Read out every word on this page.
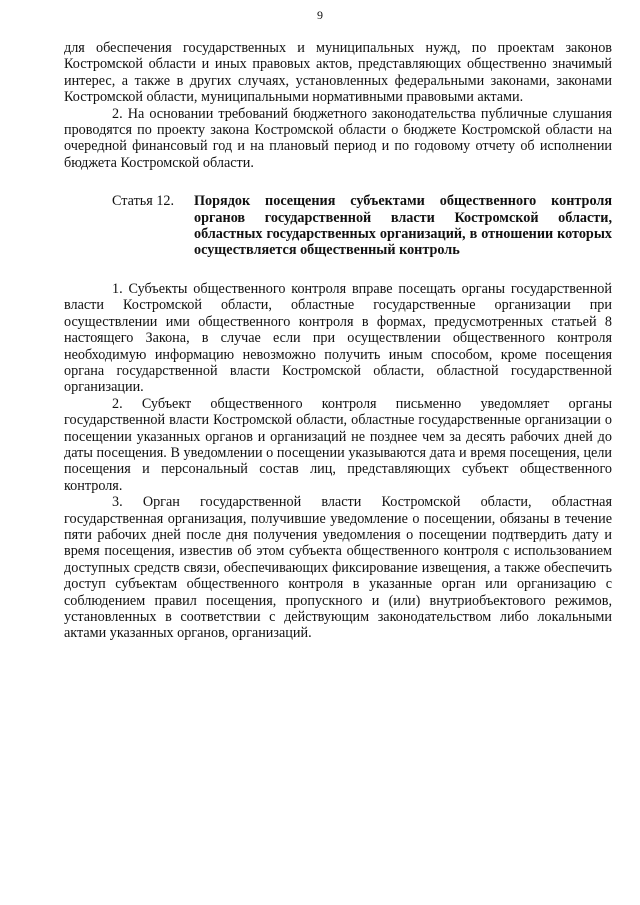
9

для обеспечения государственных и муниципальных нужд, по проектам законов Костромской области и иных правовых актов, представляющих общественно значимый интерес, а также в других случаях, установленных федеральными законами, законами Костромской области, муниципальными нормативными правовыми актами.

2. На основании требований бюджетного законодательства публичные слушания проводятся по проекту закона Костромской области о бюджете Костромской области на очередной финансовый год и на плановый период и по годовому отчету об исполнении бюджета Костромской области.

Статья 12.	Порядок посещения субъектами общественного контроля органов государственной власти Костромской области, областных государственных организаций, в отношении которых осуществляется общественный контроль

1. Субъекты общественного контроля вправе посещать органы государственной власти Костромской области, областные государственные организации при осуществлении ими общественного контроля в формах, предусмотренных статьей 8 настоящего Закона, в случае если при осуществлении общественного контроля необходимую информацию невозможно получить иным способом, кроме посещения органа государственной власти Костромской области, областной государственной организации.

2. Субъект общественного контроля письменно уведомляет органы государственной власти Костромской области, областные государственные организации о посещении указанных органов и организаций не позднее чем за десять рабочих дней до даты посещения. В уведомлении о посещении указываются дата и время посещения, цели посещения и персональный состав лиц, представляющих субъект общественного контроля.

3. Орган государственной власти Костромской области, областная государственная организация, получившие уведомление о посещении, обязаны в течение пяти рабочих дней после дня получения уведомления о посещении подтвердить дату и время посещения, известив об этом субъекта общественного контроля с использованием доступных средств связи, обеспечивающих фиксирование извещения, а также обеспечить доступ субъектам общественного контроля в указанные орган или организацию с соблюдением правил посещения, пропускного и (или) внутриобъектового режимов, установленных в соответствии с действующим законодательством либо локальными актами указанных органов, организаций.
